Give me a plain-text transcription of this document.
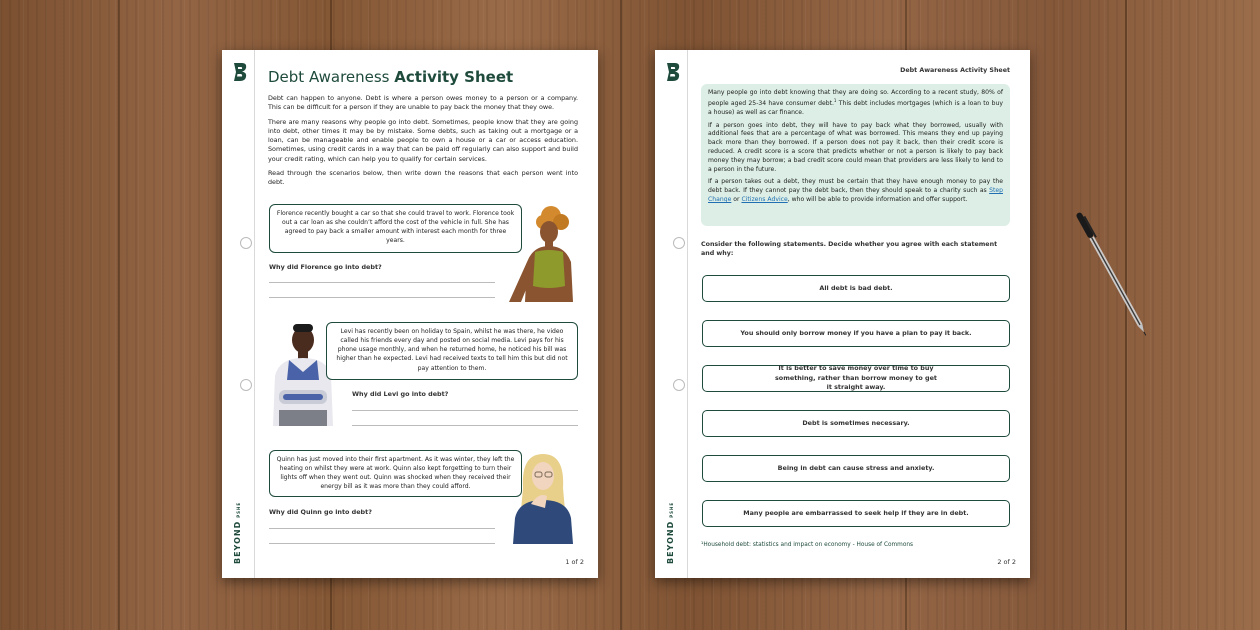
BEYONDPSHE
Debt Awareness Activity Sheet

Debt can happen to anyone. Debt is where a person owes money to a person or a company. This can be difficult for a person if they are unable to pay back the money that they owe.

There are many reasons why people go into debt. Sometimes, people know that they are going into debt, other times it may be by mistake. Some debts, such as taking out a mortgage or a loan, can be manageable and enable people to own a house or a car or access education. Sometimes, using credit cards in a way that can be paid off regularly can also support and build your credit rating, which can help you to qualify for certain services.

Read through the scenarios below, then write down the reasons that each person went into debt.

Florence recently bought a car so that she could travel to work. Florence took out a car loan as she couldn’t afford the cost of the vehicle in full. She has agreed to pay back a smaller amount with interest each month for three years.
Why did Florence go into debt?
Levi has recently been on holiday to Spain, whilst he was there, he video called his friends every day and posted on social media. Levi pays for his phone usage monthly, and when he returned home, he noticed his bill was higher than he expected. Levi had received texts to tell him this but did not pay attention to them.
Why did Levi go into debt?
Quinn has just moved into their first apartment. As it was winter, they left the heating on whilst they were at work. Quinn also kept forgetting to turn their lights off when they went out. Quinn was shocked when they received their energy bill as it was more than they could afford.
Why did Quinn go into debt?
1 of 2	BEYONDPSHE
Debt Awareness Activity Sheet

Many people go into debt knowing that they are doing so. According to a recent study, 80% of people aged 25-34 have consumer debt.$^1$ This debt includes mortgages (which is a loan to buy a house) as well as car finance.

If a person goes into debt, they will have to pay back what they borrowed, usually with additional fees that are a percentage of what was borrowed. This means they end up paying back more than they borrowed. If a person does not pay it back, then their credit score is reduced. A credit score is a score that predicts whether or not a person is likely to pay back money they may borrow; a bad credit score could mean that providers are less likely to lend to a person in the future.

If a person takes out a debt, they must be certain that they have enough money to pay the debt back. If they cannot pay the debt back, then they should speak to a charity such as Step Change or Citizens Advice, who will be able to provide information and offer support.

Consider the following statements. Decide whether you agree with each statement and why:
All debt is bad debt.
You should only borrow money if you have a plan to pay it back.
It is better to save money over time to buy something, rather than borrow money to get it straight away.
Debt is sometimes necessary.
Being in debt can cause stress and anxiety.
Many people are embarrassed to seek help if they are in debt.
¹Household debt: statistics and impact on economy - House of Commons
2 of 2
